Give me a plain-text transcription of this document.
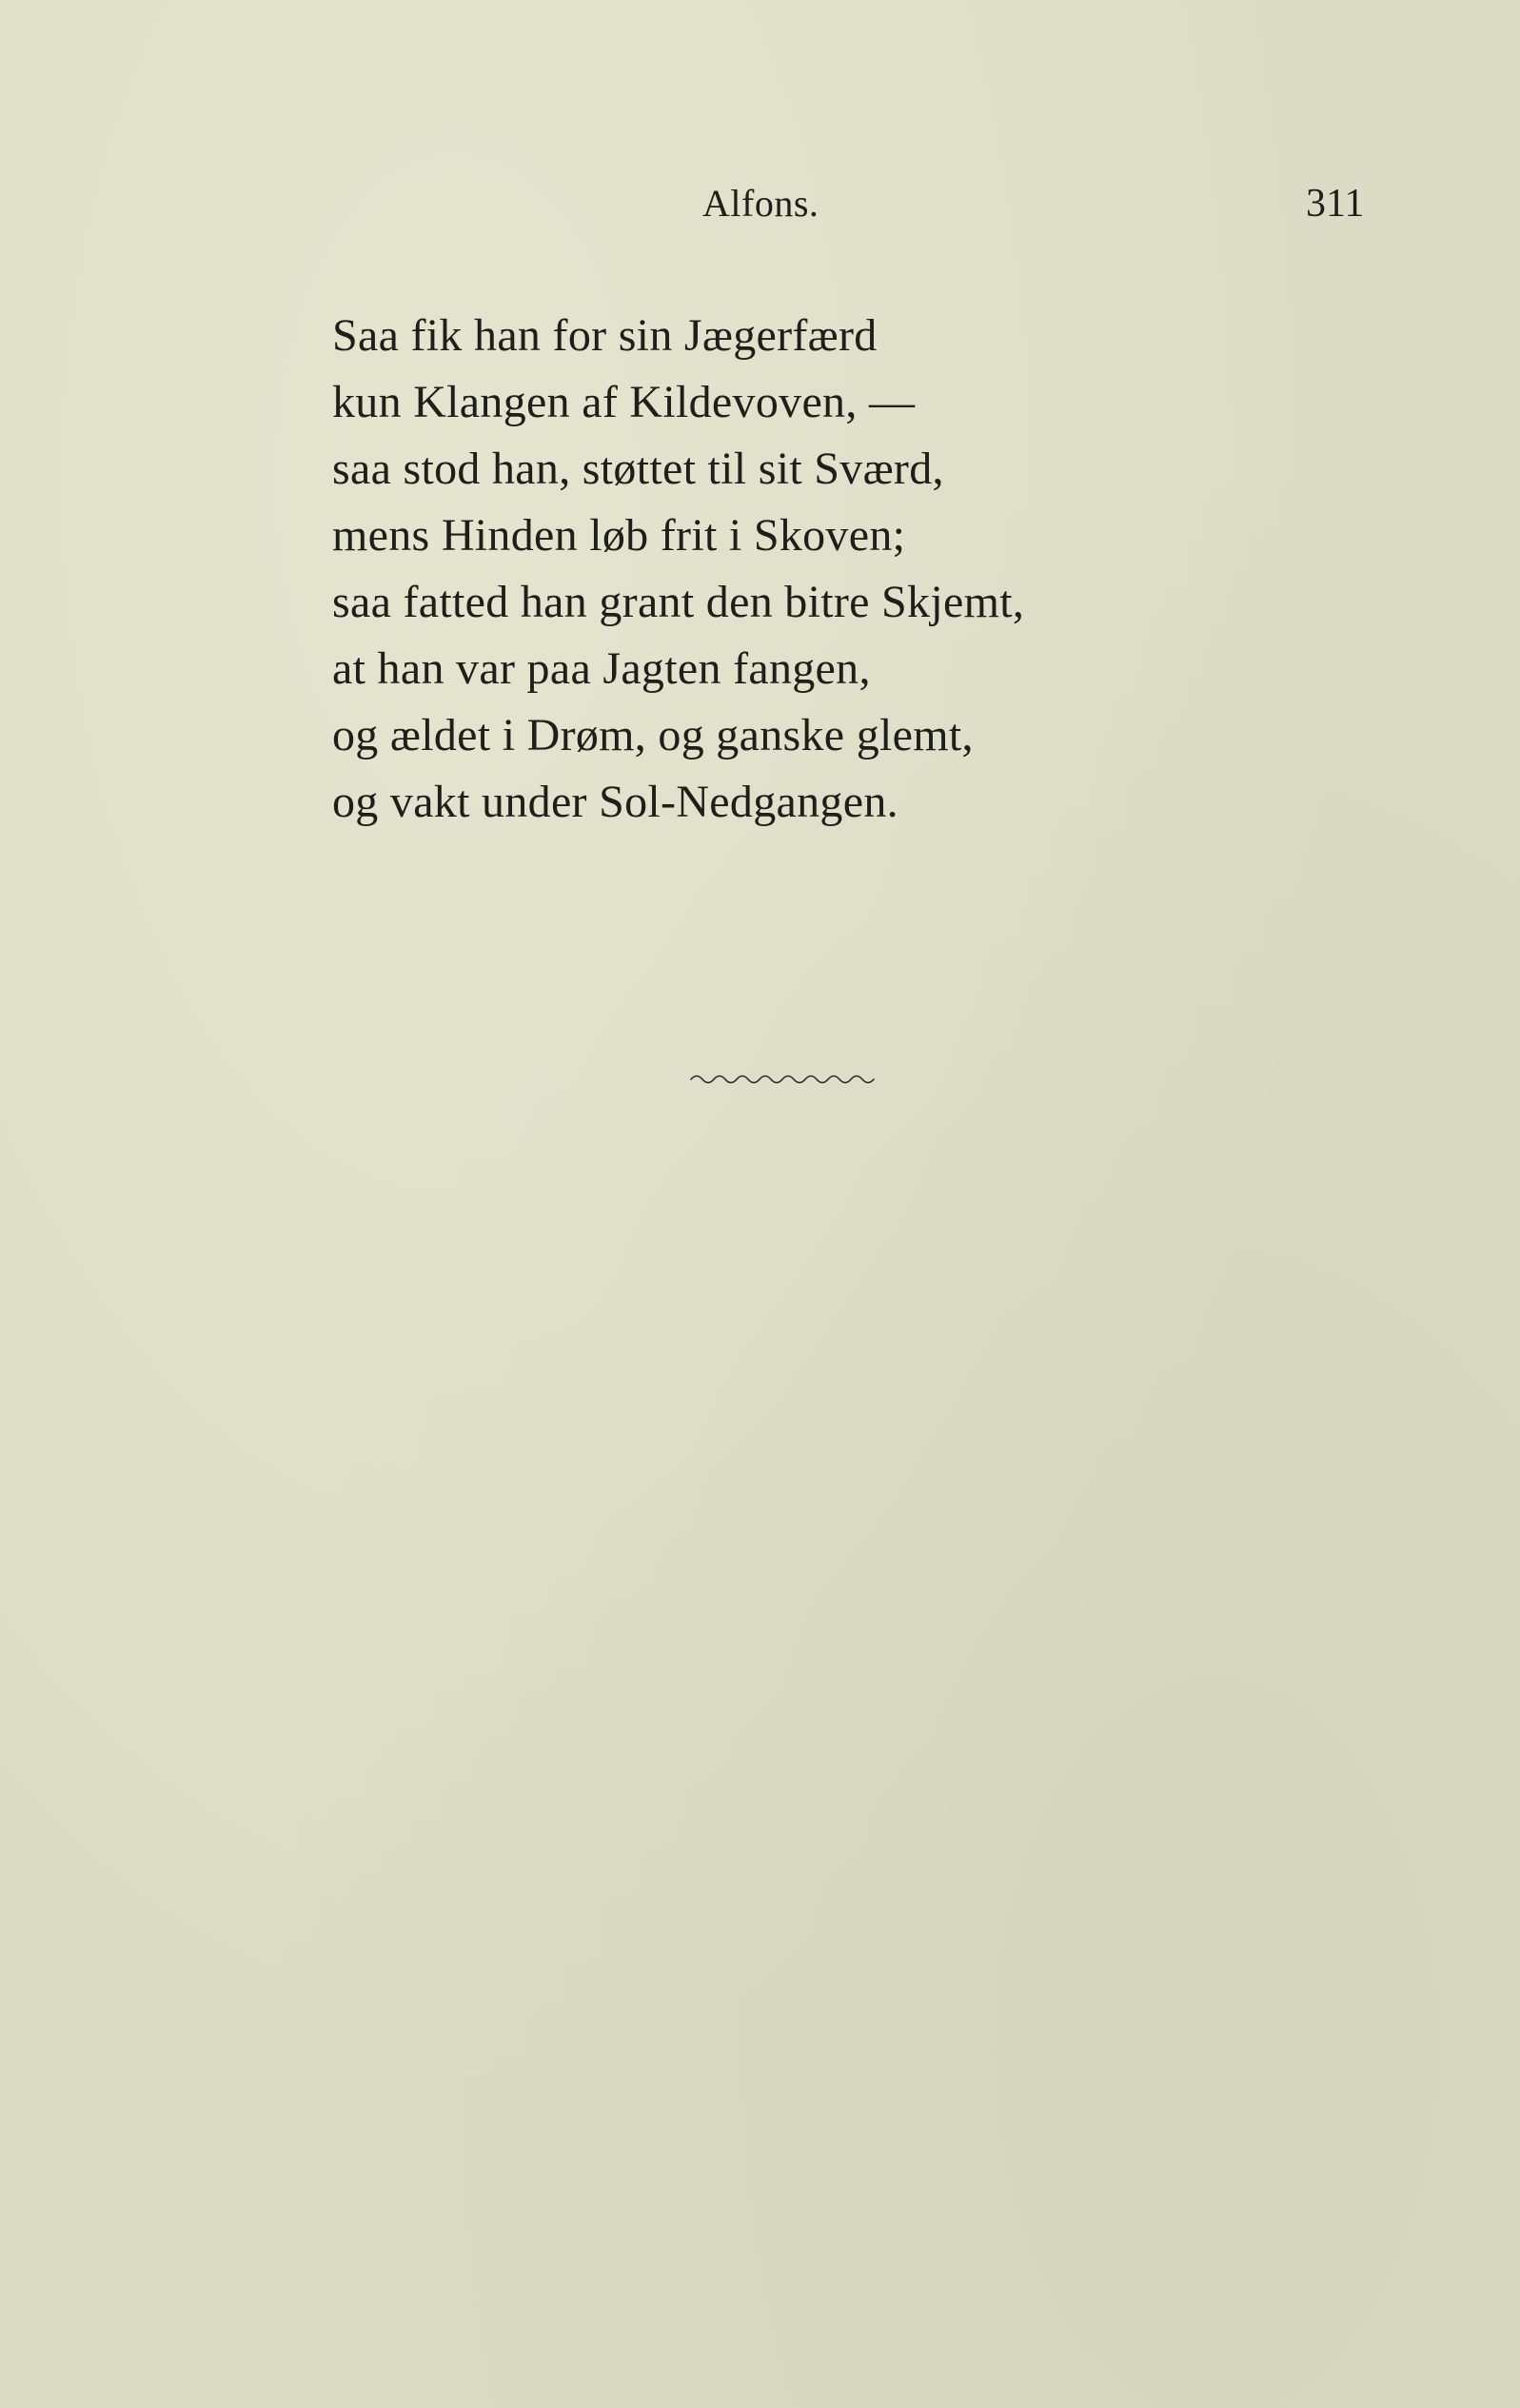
Alfons.	311
Saa fik han for sin Jægerfærd
kun Klangen af Kildevoven, —
saa stod han, støttet til sit Sværd,
mens Hinden løb frit i Skoven;
saa fatted han grant den bitre Skjemt,
at han var paa Jagten fangen,
og ældet i Drøm, og ganske glemt,
og vakt under Sol-Nedgangen.
